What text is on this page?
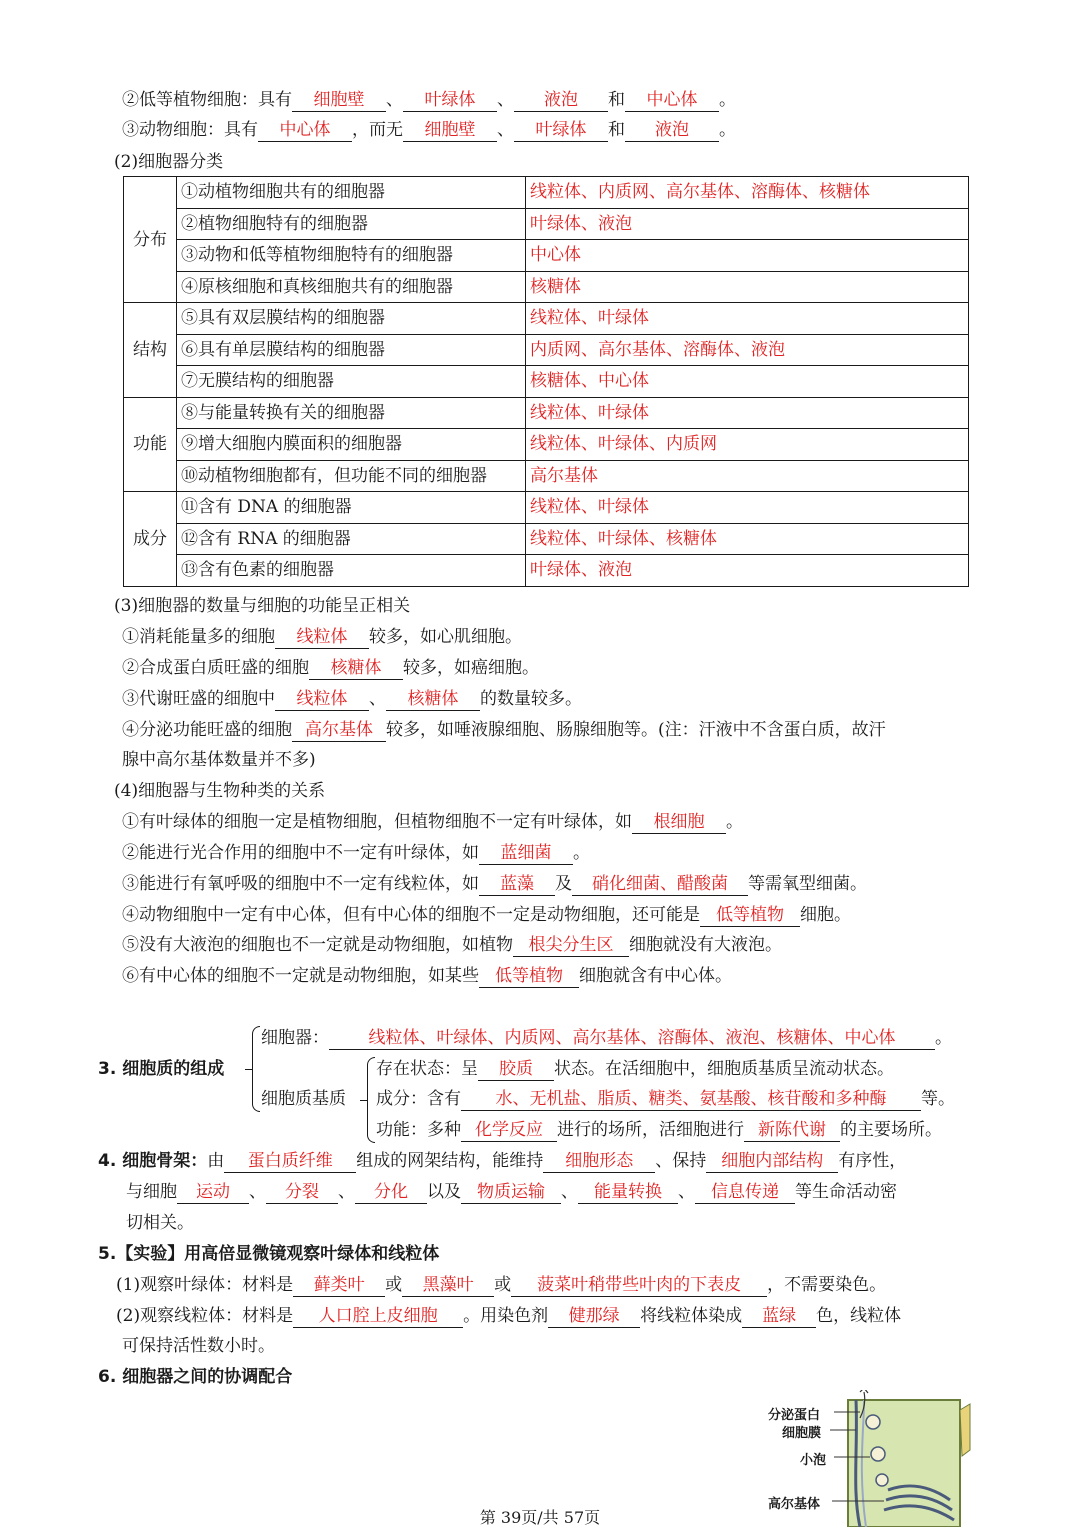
②低等植物细胞：具有 细胞壁 、 叶绿体 、 液泡 和 中心体 。
③动物细胞：具有 中心体 ，而无 细胞壁 、 叶绿体 和 液泡 。
(2)细胞器分类
分布	①动植物细胞共有的细胞器	线粒体、内质网、高尔基体、溶酶体、核糖体
	②植物细胞特有的细胞器	叶绿体、液泡
	③动物和低等植物细胞特有的细胞器	中心体
	④原核细胞和真核细胞共有的细胞器	核糖体
结构	⑤具有双层膜结构的细胞器	线粒体、叶绿体
	⑥具有单层膜结构的细胞器	内质网、高尔基体、溶酶体、液泡
	⑦无膜结构的细胞器	核糖体、中心体
功能	⑧与能量转换有关的细胞器	线粒体、叶绿体
	⑨增大细胞内膜面积的细胞器	线粒体、叶绿体、内质网
	⑩动植物细胞都有，但功能不同的细胞器	高尔基体
成分	⑪含有 DNA 的细胞器	线粒体、叶绿体
	⑫含有 RNA 的细胞器	线粒体、叶绿体、核糖体
	⑬含有色素的细胞器	叶绿体、液泡
(3)细胞器的数量与细胞的功能呈正相关
①消耗能量多的细胞 线粒体 较多，如心肌细胞。
②合成蛋白质旺盛的细胞 核糖体 较多，如癌细胞。
③代谢旺盛的细胞中 线粒体 、 核糖体 的数量较多。
④分泌功能旺盛的细胞 高尔基体 较多，如唾液腺细胞、肠腺细胞等。(注：汗液中不含蛋白质，故汗
腺中高尔基体数量并不多)
(4)细胞器与生物种类的关系
①有叶绿体的细胞一定是植物细胞，但植物细胞不一定有叶绿体，如 根细胞 。
②能进行光合作用的细胞中不一定有叶绿体，如 蓝细菌 。
③能进行有氧呼吸的细胞中不一定有线粒体，如 蓝藻 及 硝化细菌、醋酸菌 等需氧型细菌。
④动物细胞中一定有中心体，但有中心体的细胞不一定是动物细胞，还可能是 低等植物 细胞。
⑤没有大液泡的细胞也不一定就是动物细胞，如植物 根尖分生区 细胞就没有大液泡。
⑥有中心体的细胞不一定就是动物细胞，如某些 低等植物 细胞就含有中心体。
3. 细胞质的组成
细胞器： 线粒体、叶绿体、内质网、高尔基体、溶酶体、液泡、核糖体、中心体 。
细胞质基质
存在状态：呈 胶质 状态。在活细胞中，细胞质基质呈流动状态。
成分：含有 水、无机盐、脂质、糖类、氨基酸、核苷酸和多种酶 等。
功能：多种 化学反应 进行的场所，活细胞进行 新陈代谢 的主要场所。
4. 细胞骨架：由 蛋白质纤维 组成的网架结构，能维持 细胞形态 、保持 细胞内部结构 有序性，
与细胞 运动 、 分裂 、 分化 以及 物质运输 、 能量转换 、 信息传递 等生命活动密
切相关。
5.【实验】用高倍显微镜观察叶绿体和线粒体
(1)观察叶绿体：材料是 藓类叶 或 黑藻叶 或 菠菜叶稍带些叶肉的下表皮 ，不需要染色。
(2)观察线粒体：材料是 人口腔上皮细胞 。用染色剂 健那绿 将线粒体染成 蓝绿 色，线粒体
可保持活性数小时。
6. 细胞器之间的协调配合
分泌蛋白
细胞膜
小泡
高尔基体
第 39页/共 57页
